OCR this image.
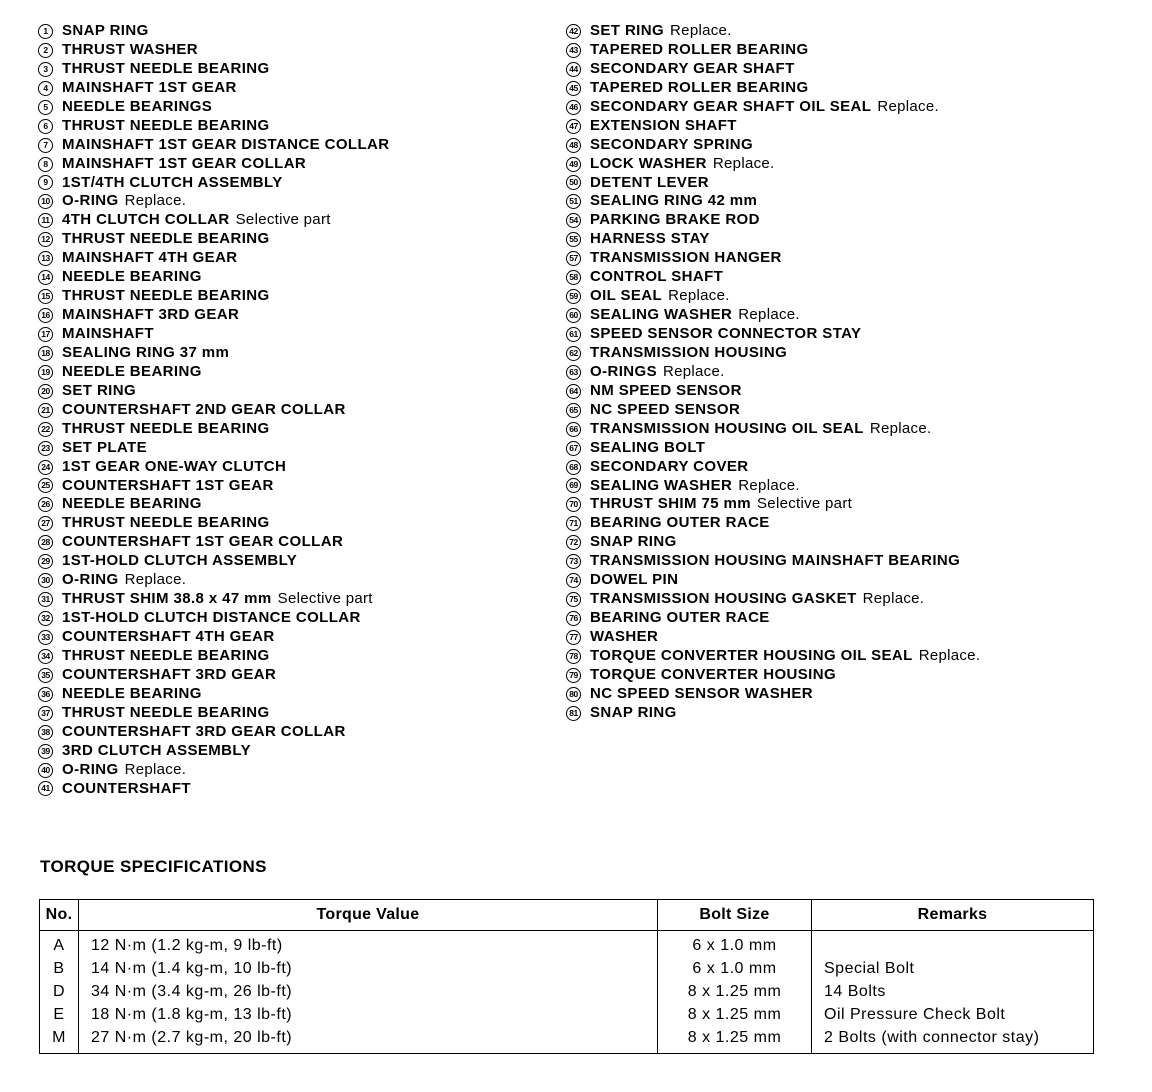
1 SNAP RING
2 THRUST WASHER
3 THRUST NEEDLE BEARING
4 MAINSHAFT 1ST GEAR
5 NEEDLE BEARINGS
6 THRUST NEEDLE BEARING
7 MAINSHAFT 1ST GEAR DISTANCE COLLAR
8 MAINSHAFT 1ST GEAR COLLAR
9 1ST/4TH CLUTCH ASSEMBLY
10 O-RING Replace.
11 4TH CLUTCH COLLAR Selective part
12 THRUST NEEDLE BEARING
13 MAINSHAFT 4TH GEAR
14 NEEDLE BEARING
15 THRUST NEEDLE BEARING
16 MAINSHAFT 3RD GEAR
17 MAINSHAFT
18 SEALING RING 37 mm
19 NEEDLE BEARING
20 SET RING
21 COUNTERSHAFT 2ND GEAR COLLAR
22 THRUST NEEDLE BEARING
23 SET PLATE
24 1ST GEAR ONE-WAY CLUTCH
25 COUNTERSHAFT 1ST GEAR
26 NEEDLE BEARING
27 THRUST NEEDLE BEARING
28 COUNTERSHAFT 1ST GEAR COLLAR
29 1ST-HOLD CLUTCH ASSEMBLY
30 O-RING Replace.
31 THRUST SHIM 38.8 x 47 mm Selective part
32 1ST-HOLD CLUTCH DISTANCE COLLAR
33 COUNTERSHAFT 4TH GEAR
34 THRUST NEEDLE BEARING
35 COUNTERSHAFT 3RD GEAR
36 NEEDLE BEARING
37 THRUST NEEDLE BEARING
38 COUNTERSHAFT 3RD GEAR COLLAR
39 3RD CLUTCH ASSEMBLY
40 O-RING Replace.
41 COUNTERSHAFT
42 SET RING Replace.
43 TAPERED ROLLER BEARING
44 SECONDARY GEAR SHAFT
45 TAPERED ROLLER BEARING
46 SECONDARY GEAR SHAFT OIL SEAL Replace.
47 EXTENSION SHAFT
48 SECONDARY SPRING
49 LOCK WASHER Replace.
50 DETENT LEVER
51 SEALING RING 42 mm
54 PARKING BRAKE ROD
55 HARNESS STAY
57 TRANSMISSION HANGER
58 CONTROL SHAFT
59 OIL SEAL Replace.
60 SEALING WASHER Replace.
61 SPEED SENSOR CONNECTOR STAY
62 TRANSMISSION HOUSING
63 O-RINGS Replace.
64 NM SPEED SENSOR
65 NC SPEED SENSOR
66 TRANSMISSION HOUSING OIL SEAL Replace.
67 SEALING BOLT
68 SECONDARY COVER
69 SEALING WASHER Replace.
70 THRUST SHIM 75 mm Selective part
71 BEARING OUTER RACE
72 SNAP RING
73 TRANSMISSION HOUSING MAINSHAFT BEARING
74 DOWEL PIN
75 TRANSMISSION HOUSING GASKET Replace.
76 BEARING OUTER RACE
77 WASHER
78 TORQUE CONVERTER HOUSING OIL SEAL Replace.
79 TORQUE CONVERTER HOUSING
80 NC SPEED SENSOR WASHER
81 SNAP RING
TORQUE SPECIFICATIONS
No.	Torque Value	Bolt Size	Remarks
A	12 N·m (1.2 kg-m, 9 lb-ft)	6 x 1.0 mm	
B	14 N·m (1.4 kg-m, 10 lb-ft)	6 x 1.0 mm	Special Bolt
D	34 N·m (3.4 kg-m, 26 lb-ft)	8 x 1.25 mm	14 Bolts
E	18 N·m (1.8 kg-m, 13 lb-ft)	8 x 1.25 mm	Oil Pressure Check Bolt
M	27 N·m (2.7 kg-m, 20 lb-ft)	8 x 1.25 mm	2 Bolts (with connector stay)
